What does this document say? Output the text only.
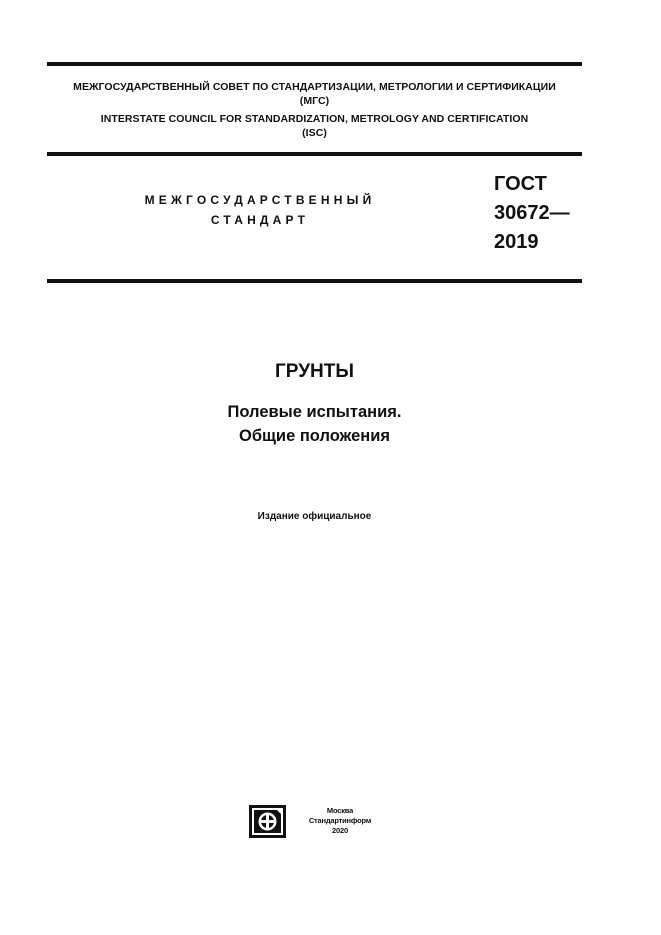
МЕЖГОСУДАРСТВЕННЫЙ СОВЕТ ПО СТАНДАРТИЗАЦИИ, МЕТРОЛОГИИ И СЕРТИФИКАЦИИ
(МГС)
INTERSTATE COUNCIL FOR STANDARDIZATION, METROLOGY AND CERTIFICATION
(ISC)
МЕЖГОСУДАРСТВЕННЫЙ
СТАНДАРТ
ГОСТ
30672—
2019
ГРУНТЫ
Полевые испытания.
Общие положения
Издание официальное
Москва
Стандартинформ
2020
